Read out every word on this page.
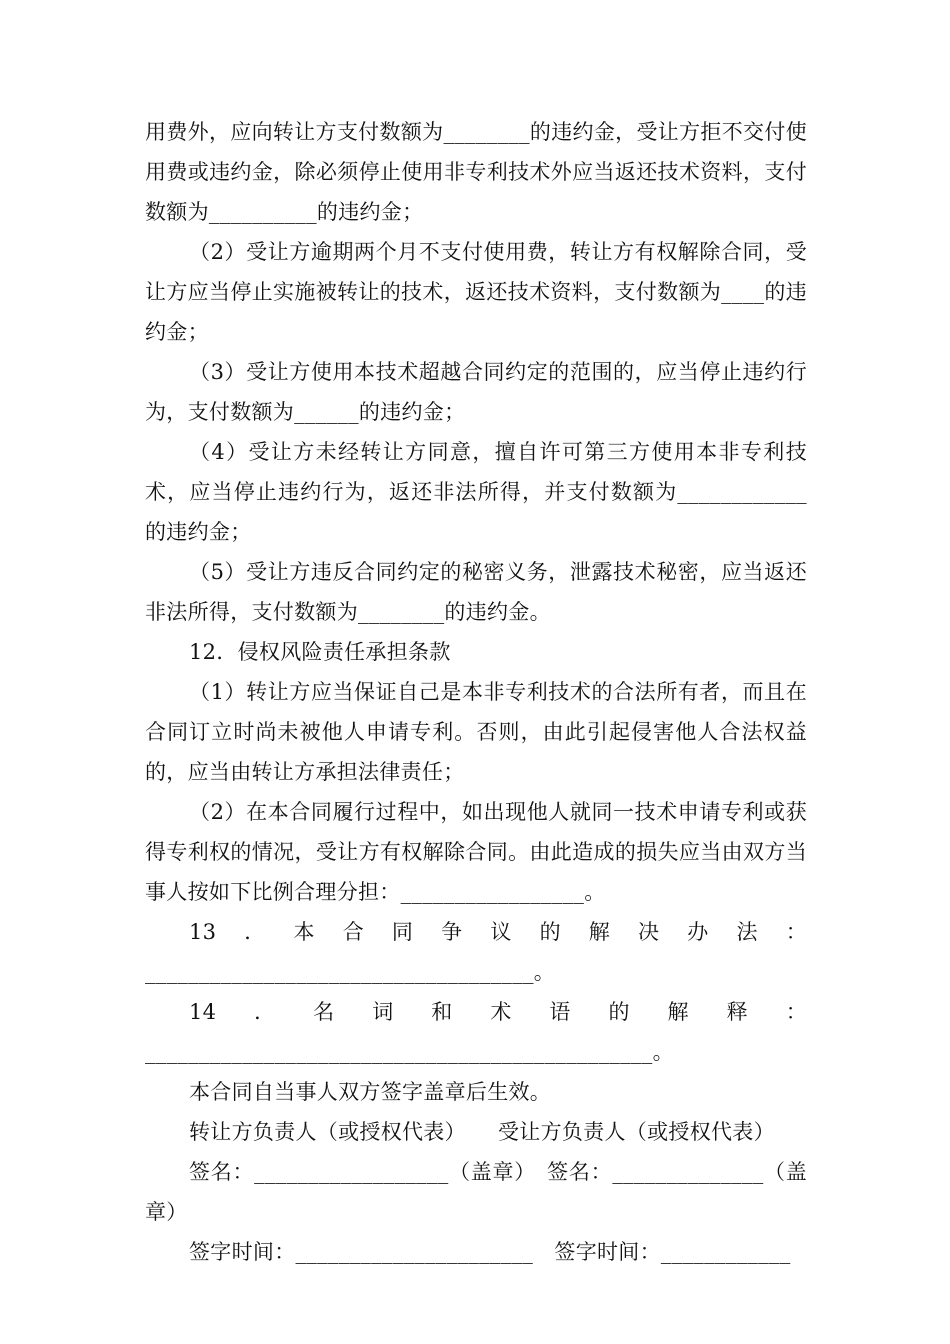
用费外，应向转让方支付数额为________的违约金，受让方拒不交付使用费或违约金，除必须停止使用非专利技术外应当返还技术资料，支付数额为__________的违约金；

（2）受让方逾期两个月不支付使用费，转让方有权解除合同，受让方应当停止实施被转让的技术，返还技术资料，支付数额为____的违约金；

（3）受让方使用本技术超越合同约定的范围的，应当停止违约行为，支付数额为______的违约金；

（4）受让方未经转让方同意，擅自许可第三方使用本非专利技术，应当停止违约行为，返还非法所得，并支付数额为____________的违约金；

（5）受让方违反合同约定的秘密义务，泄露技术秘密，应当返还非法所得，支付数额为________的违约金。

12．侵权风险责任承担条款

（1）转让方应当保证自己是本非专利技术的合法所有者，而且在合同订立时尚未被他人申请专利。否则，由此引起侵害他人合法权益的，应当由转让方承担法律责任；

（2）在本合同履行过程中，如出现他人就同一技术申请专利或获得专利权的情况，受让方有权解除合同。由此造成的损失应当由双方当事人按如下比例合理分担：_________________。

13．本合同争议的解决办法：____________________________________。

14．名词和术语的解释：_______________________________________________。

本合同自当事人双方签字盖章后生效。

转让方负责人（或授权代表）　　受让方负责人（或授权代表）

签名：__________________（盖章）　签名：______________（盖章）

签字时间：______________________　签字时间：____________
